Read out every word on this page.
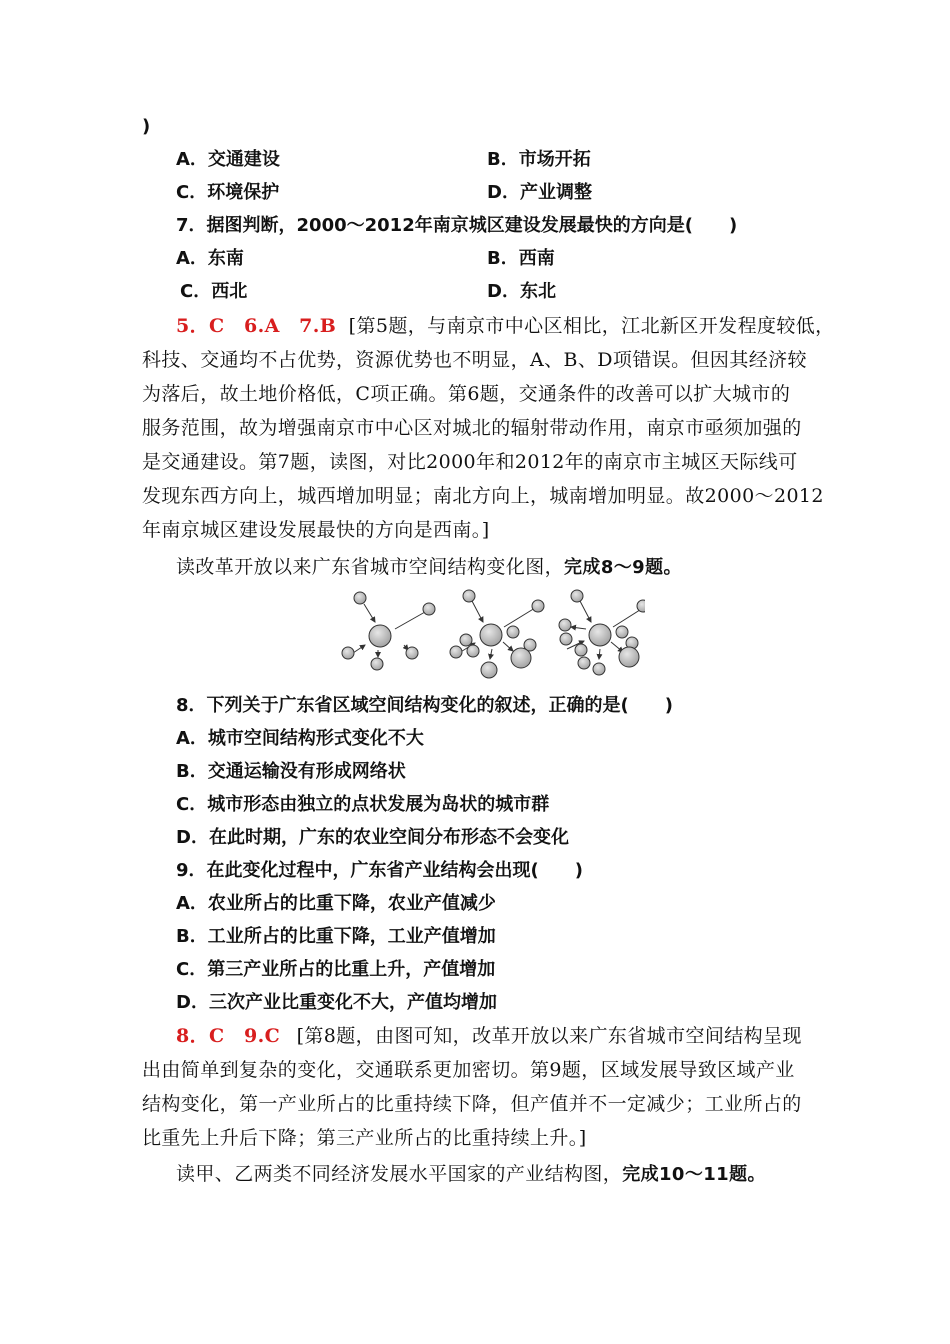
)
A．交通建设	B．市场开拓
C．环境保护	D．产业调整
7．据图判断，2000～2012年南京城区建设发展最快的方向是(　　)
A．东南	B．西南
C．西北	D．东北
5．C　6.A　7.B [第5题，与南京市中心区相比，江北新区开发程度较低，
科技、交通均不占优势，资源优势也不明显，A、B、D项错误。但因其经济较
为落后，故土地价格低，C项正确。第6题，交通条件的改善可以扩大城市的
服务范围，故为增强南京市中心区对城北的辐射带动作用，南京市亟须加强的
是交通建设。第7题，读图，对比2000年和2012年的南京市主城区天际线可
发现东西方向上，城西增加明显；南北方向上，城南增加明显。故2000～2012
年南京城区建设发展最快的方向是西南。]
读改革开放以来广东省城市空间结构变化图，完成8～9题。
8．下列关于广东省区域空间结构变化的叙述，正确的是(　　)
A．城市空间结构形式变化不大
B．交通运输没有形成网络状
C．城市形态由独立的点状发展为岛状的城市群
D．在此时期，广东的农业空间分布形态不会变化
9．在此变化过程中，广东省产业结构会出现(　　)
A．农业所占的比重下降，农业产值减少
B．工业所占的比重下降，工业产值增加
C．第三产业所占的比重上升，产值增加
D．三次产业比重变化不大，产值均增加
8．C　9.C [第8题，由图可知，改革开放以来广东省城市空间结构呈现
出由简单到复杂的变化，交通联系更加密切。第9题，区域发展导致区域产业
结构变化，第一产业所占的比重持续下降，但产值并不一定减少；工业所占的
比重先上升后下降；第三产业所占的比重持续上升。]
读甲、乙两类不同经济发展水平国家的产业结构图，完成10～11题。
